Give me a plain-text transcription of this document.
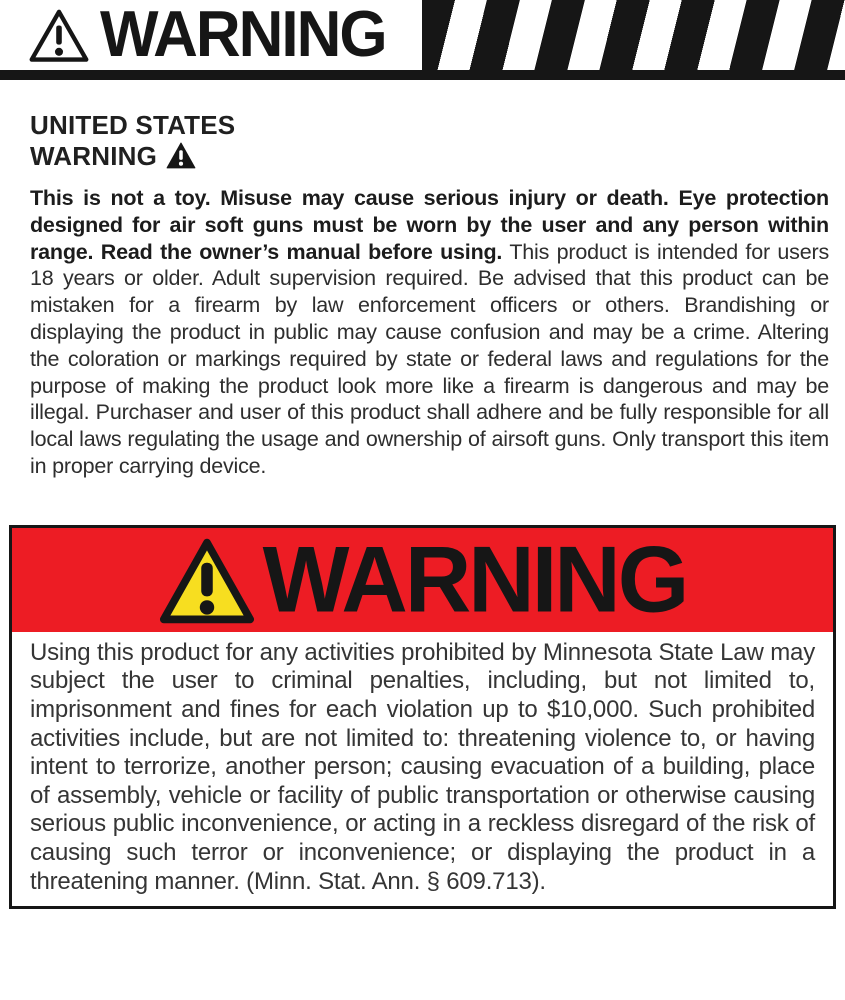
WARNING
UNITED STATES
WARNING

This is not a toy. Misuse may cause serious injury or death. Eye protection designed for air soft guns must be worn by the user and any person within range. Read the owner’s manual before using. This product is intended for users 18 years or older. Adult supervision required. Be advised that this product can be mistaken for a firearm by law enforcement officers or others. Brandishing or displaying the product in public may cause confusion and may be a crime. Altering the coloration or markings required by state or federal laws and regulations for the purpose of making the product look more like a firearm is dangerous and may be illegal. Purchaser and user of this product shall adhere and be fully responsible for all local laws regulating the usage and ownership of airsoft guns. Only transport this item in proper carrying device.

WARNING

Using this product for any activities prohibited by Minnesota State Law may subject the user to criminal penalties, including, but not limited to, imprisonment and fines for each violation up to $10,000. Such prohibited activities include, but are not limited to: threatening violence to, or having intent to terrorize, another person; causing evacuation of a building, place of assembly, vehicle or facility of public transportation or otherwise causing serious public inconvenience, or acting in a reckless disregard of the risk of causing such terror or inconvenience; or displaying the product in a threatening manner. (Minn. Stat. Ann. § 609.713).
